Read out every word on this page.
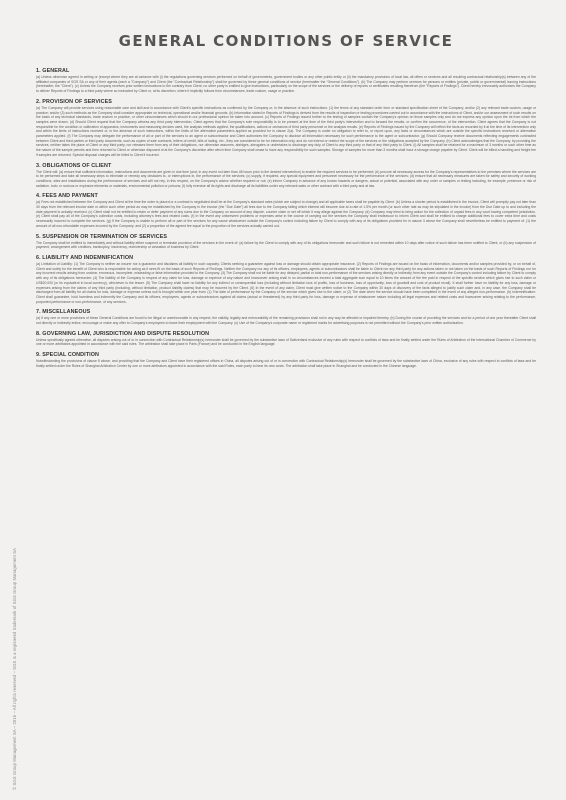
GENERAL CONDITIONS OF SERVICE
1. GENERAL

(a) Unless otherwise agreed in writing or (except where they are at variance with (i) the regulations governing services performed on behalf of governments, government bodies or any other public entity or (ii) the mandatory provisions of local law, all offers or services and all resulting contractual relationship(s) between any of the affiliated companies of SGS SA or any of their agents (each a "Company") and Client (the "Contractual Relationship") shall be governed by these general conditions of service (hereinafter the "General Conditions"). (b) The Company may perform services for persons or entities (private, public or governmental) issuing instructions (hereinafter, the "Client"). (c) Unless the Company receives prior written instructions to the contrary from Client, no other party is entitled to give instructions, particularly on the scope of the services or the delivery of reports or certificates resulting therefrom (the "Reports of Findings"). Client hereby irrevocably authorizes the Company to deliver Reports of Findings to a third party where so instructed by Client or, at its discretion, where it implicitly follows from circumstances, trade custom, usage or practice.

2. PROVISION OF SERVICES

(a) The Company will provide services using reasonable care and skill and in accordance with Client's specific instructions as confirmed by the Company or, in the absence of such instructions: (1) the terms of any standard order form or standard specification sheet of the Company; and/or (2) any relevant trade custom, usage or practice; and/or (3) such methods as the Company shall consider appropriate on technical, operational and/or financial grounds. (b) Information stated in Reports of Findings is derived from the results of inspection or testing procedures carried out in accordance with the instructions of Client, and/or our assessment of such results on the basis of any technical standards, trade custom or practice, or other circumstances which should in our professional opinion be taken into account. (c) Reports of Findings issued further to the testing of samples contain the Company's opinion on those samples only and do not express any opinion upon the lot from which the samples were drawn. (d) Should Client request that the Company witness any third party intervention, Client agrees that the Company's sole responsibility is to be present at the time of the third party's intervention and to forward the results, or confirm the occurrence, of the intervention. Client agrees that the Company is not responsible for the condition or calibration of apparatus, instruments and measuring devices used, the analysis methods applied, the qualifications, actions or omissions of third party personnel or the analysis results. (e) Reports of Findings issued by the Company will reflect the facts as recorded by it at the time of its intervention only and within the limits of instructions received or, in the absence of such instructions, within the limits of the alternative parameters applied as provided for in clause 2(a). The Company is under no obligation to refer to, or report upon, any facts or circumstances which are outside the specific instructions received or alternative parameters applied. (f) The Company may delegate the performance of all or part of the services to an agent or subcontractor and Client authorizes the Company to disclose all information necessary for such performance to the agent or subcontractor. (g) Should Company receive documents reflecting engagements contracted between Client and third parties or third party documents, such as copies of sale contracts, letters of credit, bills of lading, etc., they are considered to be for information only, and do not extend or restrict the scope of the services or the obligations accepted by the Company. (h) Client acknowledges that the Company, by providing the services, neither takes the place of Client or any third party, nor releases them from any of their obligations, nor otherwise assumes, abridges, abrogates or undertakes to discharge any duty of Client to any third party or that of any third party to Client. (i) All samples shall be retained for a maximum of 3 months or such other time as the nature of the sample permits and then returned to Client or otherwise disposed of at the Company's discretion after which time Company shall cease to have any responsibility for such samples. Storage of samples for more than 3 months shall incur a storage charge payable by Client. Client will be billed a handling and freight fee if samples are returned. Special disposal charges will be billed to Client if incurred.

3. OBLIGATIONS OF CLIENT

The Client will: (a) ensure that sufficient information, instructions and documents are given in due time (and, in any event not later than 48 hours prior to the desired intervention) to enable the required services to be performed; (b) procure all necessary access for the Company's representatives to the premises where the services are to be performed and take all necessary steps to eliminate or remedy any obstacles to, or interruptions in, the performance of the services; (c) supply, if required, any special equipment and personnel necessary for the performance of the services; (d) ensure that all necessary measures are taken for safety and security of working conditions, sites and installations during the performance of services and will not rely, in this respect, on the Company's advice whether required or not; (e) inform Company in advance of any known hazards or dangers, actual or potential, associated with any order or samples or testing including, for example, presence or risk of radiation, toxic or noxious or explosive elements or materials, environmental pollution or poisons; (f) fully exercise all its rights and discharge all its liabilities under any relevant sales or other contract with a third party and at law.

4. FEES AND PAYMENT

(a) Fees not established between the Company and Client at the time the order is placed or a contract is negotiated shall be at the Company's standard rates (which are subject to change) and all applicable taxes shall be payable by Client. (b) Unless a shorter period is established in the invoice, Client will promptly pay not later than 30 days from the relevant invoice date or within such other period as may be established by the Company in the invoice (the "Due Date") all fees due to the Company failing which interest will become due at a rate of 1.5% per month (or such other rate as may be stipulated in the invoice) from the Due Date up to and including the date payment is actually received. (c) Client shall not be entitled to retain or defer payment of any sums due to the Company on account of any dispute, counter claim or set off which it may allege against the Company. (d) Company may elect to bring action for the collection of unpaid fees in any court having competent jurisdiction. (e) Client shall pay all of the Company's collection costs, including attorney's fees and related costs. (f) In the event any unforeseen problems or expenses arise in the course of carrying out the services the Company shall endeavour to inform Client and shall be entitled to charge additional fees to cover extra time and costs necessarily incurred to complete the services. (g) If the Company is unable to perform all or part of the services for any cause whatsoever outside the Company's control including failure by Client to comply with any of its obligations provided for in clause 3 above the Company shall nevertheless be entitled to payment of: (1) the amount of all non-refundable expenses incurred by the Company; and (2) a proportion of the agreed fee equal to the proportion of the services actually carried out.

5. SUSPENSION OR TERMINATION OF SERVICES

The Company shall be entitled to immediately and without liability either suspend or terminate provision of the services in the event of: (a) failure by the Client to comply with any of its obligations hereunder and such failure is not remedied within 10 days after notice of such failure has been notified to Client; or (b) any suspension of payment, arrangement with creditors, bankruptcy, insolvency, receivership or cessation of business by Client.

6. LIABILITY AND INDEMNIFICATION

(a) Limitation of Liability: (1) The Company is neither an insurer nor a guarantor and disclaims all liability in such capacity. Clients seeking a guarantee against loss or damage should obtain appropriate insurance. (2) Reports of Findings are issued on the basis of information, documents and/or samples provided by, or on behalf of, Client and solely for the benefit of Client who is responsible for acting as it sees fit on the basis of such Reports of Findings. Neither the Company nor any of its officers, employees, agents or subcontractors shall be liable to Client nor any third party for any actions taken or not taken on the basis of such Reports of Findings nor for any incorrect results arising from unclear, erroneous, incomplete, misleading or false information provided to the Company. (3) The Company shall not be liable for any delayed, partial or total non-performance of the services arising directly or indirectly from any event outside the Company's control including failure by Client to comply with any of its obligations hereunder. (4) The liability of the Company in respect of any claim for loss, damage or expense of any nature and howsoever arising shall in no circumstances exceed a total aggregate sum equal to 10 times the amount of the fee paid in respect of the specific service which gives rise to such claim or US$20,000 (or its equivalent in local currency), whichever is the lesser. (5) The Company shall have no liability for any indirect or consequential loss (including without limitation loss of profits, loss of business, loss of opportunity, loss of goodwill and cost of product recall). It shall further have no liability for any loss, damage or expenses arising from the claims of any third party (including, without limitation, product liability claims) that may be incurred by the Client. (6) In the event of any claim, Client must give written notice to the Company within 30 days of discovery of the facts alleged to justify such claim and, in any case, the Company shall be discharged from all liability for all claims for loss, damage or expense unless suit is brought within one year from: (1) The date of performance by the Company of the service which gives rise to the claim; or (2) The date when the service should have been completed in the event of any alleged non-performance. (b) Indemnification: Client shall guarantee, hold harmless and indemnify the Company and its officers, employees, agents or subcontractors against all claims (actual or threatened) by any third party for loss, damage or expense of whatsoever nature including all legal expenses and related costs and howsoever arising relating to the performance, purported performance or non-performance, of any services.

7. MISCELLANEOUS

(a) If any one or more provisions of these General Conditions are found to be illegal or unenforceable in any respect, the validity, legality and enforceability of the remaining provisions shall not in any way be affected or impaired thereby. (b) During the course of providing the services and for a period of one year thereafter Client shall not directly or indirectly entice, encourage or make any offer to Company's employees to leave their employment with the Company. (c) Use of the Company's corporate name or registered marks for advertising purposes is not permitted without the Company's prior written authorisation.

8. GOVERNING LAW, JURISDICTION AND DISPUTE RESOLUTION

Unless specifically agreed otherwise, all disputes arising out of or in connection with Contractual Relationship(s) hereunder shall be governed by the substantive laws of Switzerland exclusive of any rules with respect to conflicts of laws and be finally settled under the Rules of Arbitration of the International Chamber of Commerce by one or more arbitrators appointed in accordance with the said rules. The arbitration shall take place in Paris (France) and be conducted in the English language.

9. SPECIAL CONDITION

Notwithstanding the provisions of clause 8 above, and providing that the Company and Client have their registered offices in China, all disputes arising out of or in connection with Contractual Relationship(s) hereunder shall be governed by the substantive laws of China, exclusive of any rules with respect to conflicts of laws and be finally settled under the Rules of Shanghai Arbitration Center by one or more arbitrators appointed in accordance with the said Rules, each party to bear its own costs. The arbitration shall take place in Shanghai and be conducted in the Chinese language.

© SGS Group Management SA – 2016 – All rights reserved – SGS is a registered trademark of SGS Group Management SA
